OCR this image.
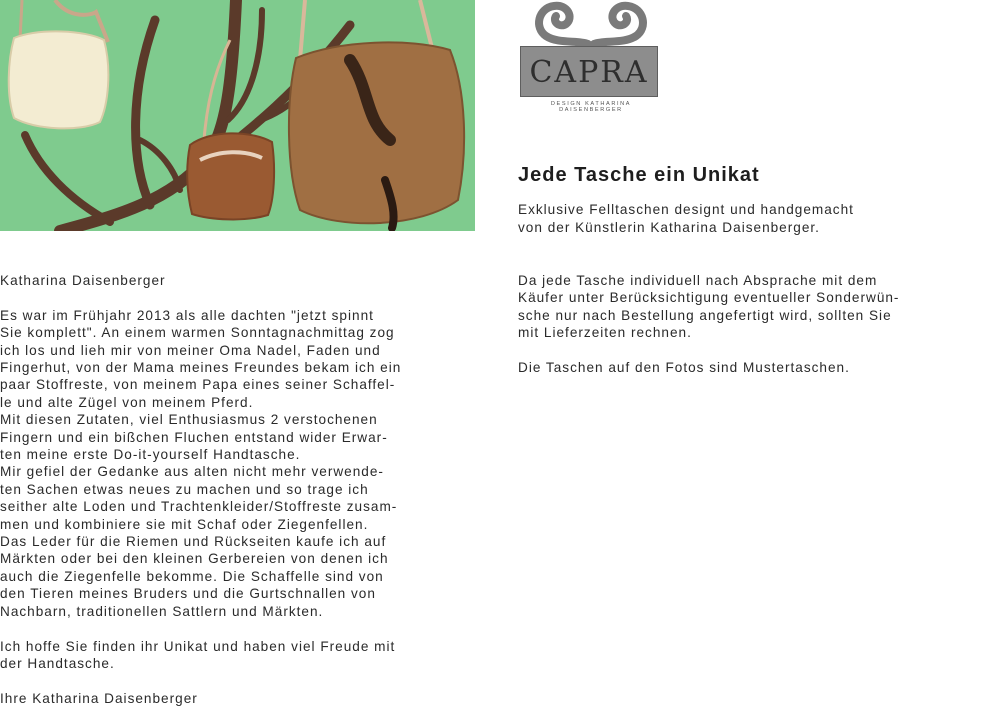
CAPRA
DESIGN KATHARINA DAISENBERGER
Jede Tasche ein Unikat

Exklusive Felltaschen designt und handgemacht

von der Künstlerin Katharina Daisenberger.

Katharina Daisenberger

Es war im Frühjahr 2013 als alle dachten "jetzt spinnt

Sie komplett". An einem warmen Sonntagnachmittag zog

ich los und lieh mir von meiner Oma Nadel, Faden und

Fingerhut, von der Mama meines Freundes bekam ich ein

paar Stoffreste, von meinem Papa eines seiner Schaffel-

le und alte Zügel von meinem Pferd.

Mit diesen Zutaten, viel Enthusiasmus 2 verstochenen

Fingern und ein bißchen Fluchen entstand wider Erwar-

ten meine erste Do-it-yourself Handtasche.

Mir gefiel der Gedanke aus alten nicht mehr verwende-

ten Sachen etwas neues zu machen und so trage ich

seither alte Loden und Trachtenkleider/Stoffreste zusam-

men und kombiniere sie mit Schaf oder Ziegenfellen.

Das Leder für die Riemen und Rückseiten kaufe ich auf

Märkten oder bei den kleinen Gerbereien von denen ich

auch die Ziegenfelle bekomme. Die Schaffelle sind von

den Tieren meines Bruders und die Gurtschnallen von

Nachbarn, traditionellen Sattlern und Märkten.

Ich hoffe Sie finden ihr Unikat und haben viel Freude mit

der Handtasche.

Ihre Katharina Daisenberger

Da jede Tasche individuell nach Absprache mit dem

Käufer unter Berücksichtigung eventueller Sonderwün-

sche nur nach Bestellung angefertigt wird, sollten Sie

mit Lieferzeiten rechnen.

Die Taschen auf den Fotos sind Mustertaschen.
